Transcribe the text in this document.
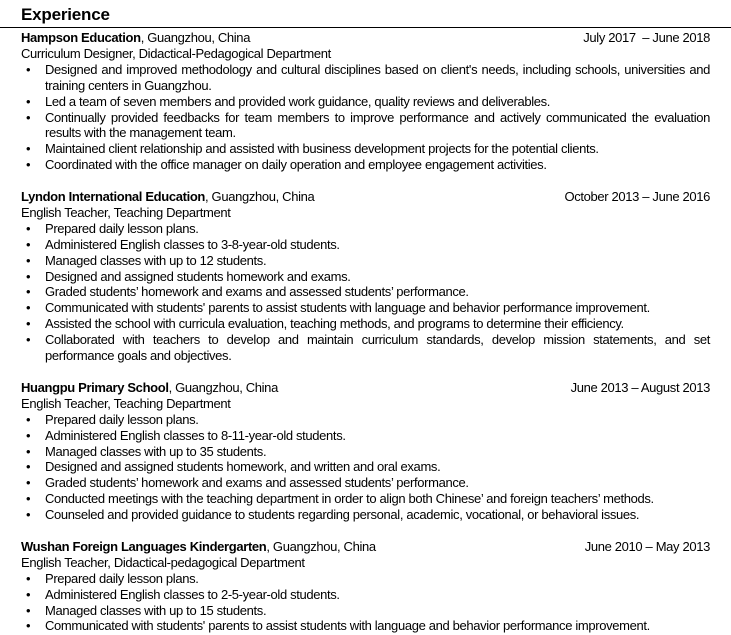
Experience
Hampson Education, Guangzhou, China	July 2017  – June 2018
Curriculum Designer, Didactical-Pedagogical Department
• Designed and improved methodology and cultural disciplines based on client's needs, including schools, universities and training centers in Guangzhou.
• Led a team of seven members and provided work guidance, quality reviews and deliverables.
• Continually provided feedbacks for team members to improve performance and actively communicated the evaluation results with the management team.
• Maintained client relationship and assisted with business development projects for the potential clients.
• Coordinated with the office manager on daily operation and employee engagement activities.
Lyndon International Education, Guangzhou, China	October 2013 – June 2016
English Teacher, Teaching Department
• Prepared daily lesson plans.
• Administered English classes to 3-8-year-old students.
• Managed classes with up to 12 students.
• Designed and assigned students homework and exams.
• Graded students’ homework and exams and assessed students’ performance.
• Communicated with students' parents to assist students with language and behavior performance improvement.
• Assisted the school with curricula evaluation, teaching methods, and programs to determine their efficiency.
• Collaborated with teachers to develop and maintain curriculum standards, develop mission statements, and set performance goals and objectives.
Huangpu Primary School, Guangzhou, China	June 2013 – August 2013
English Teacher, Teaching Department
• Prepared daily lesson plans.
• Administered English classes to 8-11-year-old students.
• Managed classes with up to 35 students.
• Designed and assigned students homework, and written and oral exams.
• Graded students’ homework and exams and assessed students’ performance.
• Conducted meetings with the teaching department in order to align both Chinese’ and foreign teachers’ methods.
• Counseled and provided guidance to students regarding personal, academic, vocational, or behavioral issues.
Wushan Foreign Languages Kindergarten, Guangzhou, China	June 2010 – May 2013
English Teacher, Didactical-pedagogical Department
• Prepared daily lesson plans.
• Administered English classes to 2-5-year-old students.
• Managed classes with up to 15 students.
• Communicated with students' parents to assist students with language and behavior performance improvement.
